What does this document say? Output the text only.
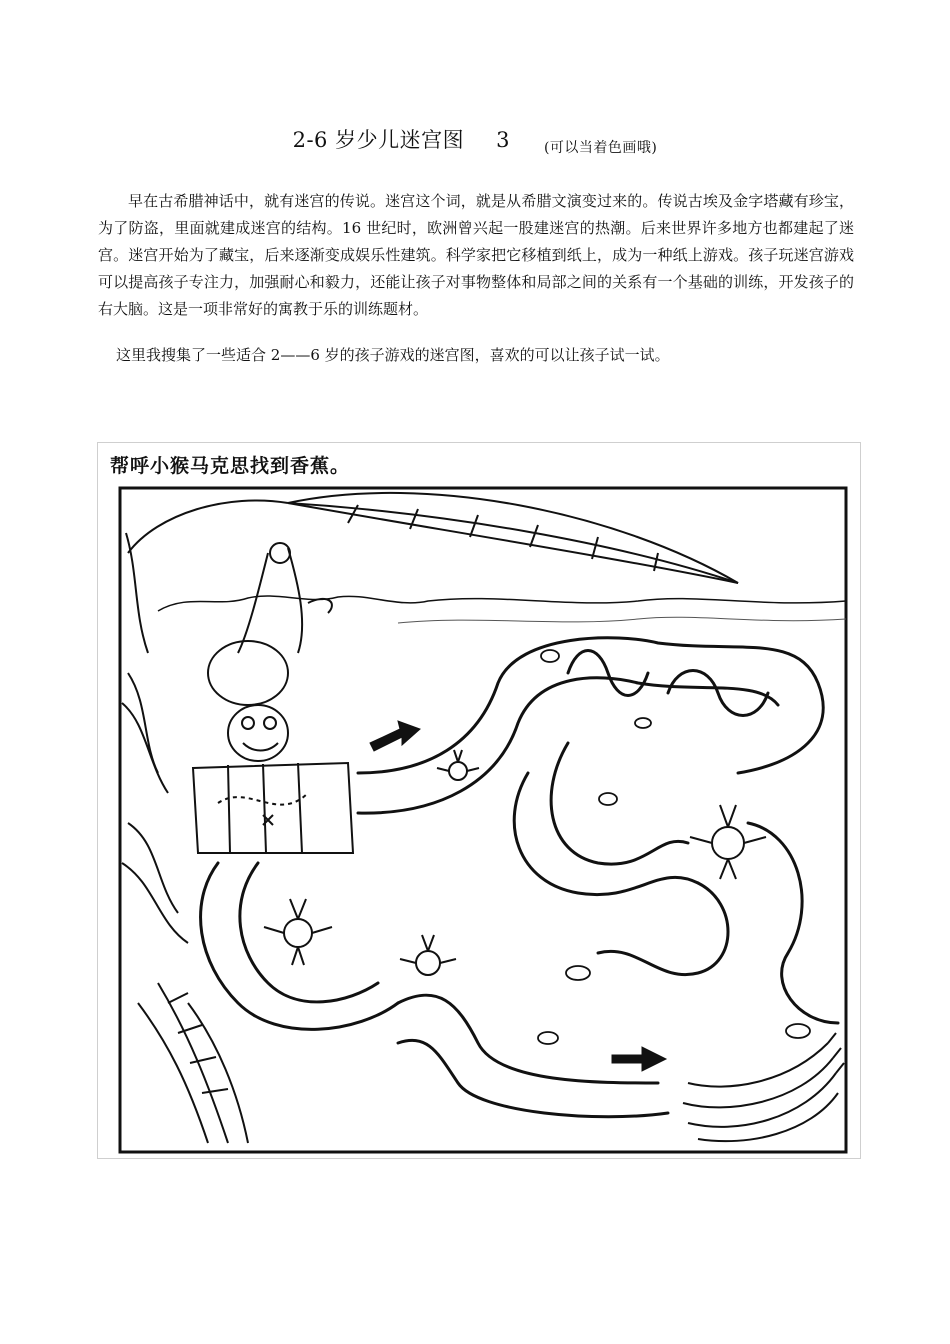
2-6 岁少儿迷宫图 3 (可以当着色画哦)

早在古希腊神话中，就有迷宫的传说。迷宫这个词，就是从希腊文演变过来的。传说古埃及金字塔藏有珍宝，为了防盗，里面就建成迷宫的结构。16 世纪时，欧洲曾兴起一股建迷宫的热潮。后来世界许多地方也都建起了迷宫。迷宫开始为了藏宝，后来逐渐变成娱乐性建筑。科学家把它移植到纸上，成为一种纸上游戏。孩子玩迷宫游戏可以提高孩子专注力，加强耐心和毅力，还能让孩子对事物整体和局部之间的关系有一个基础的训练，开发孩子的右大脑。这是一项非常好的寓教于乐的训练题材。

这里我搜集了一些适合 2——6 岁的孩子游戏的迷宫图，喜欢的可以让孩子试一试。

帮呼小猴马克思找到香蕉。
